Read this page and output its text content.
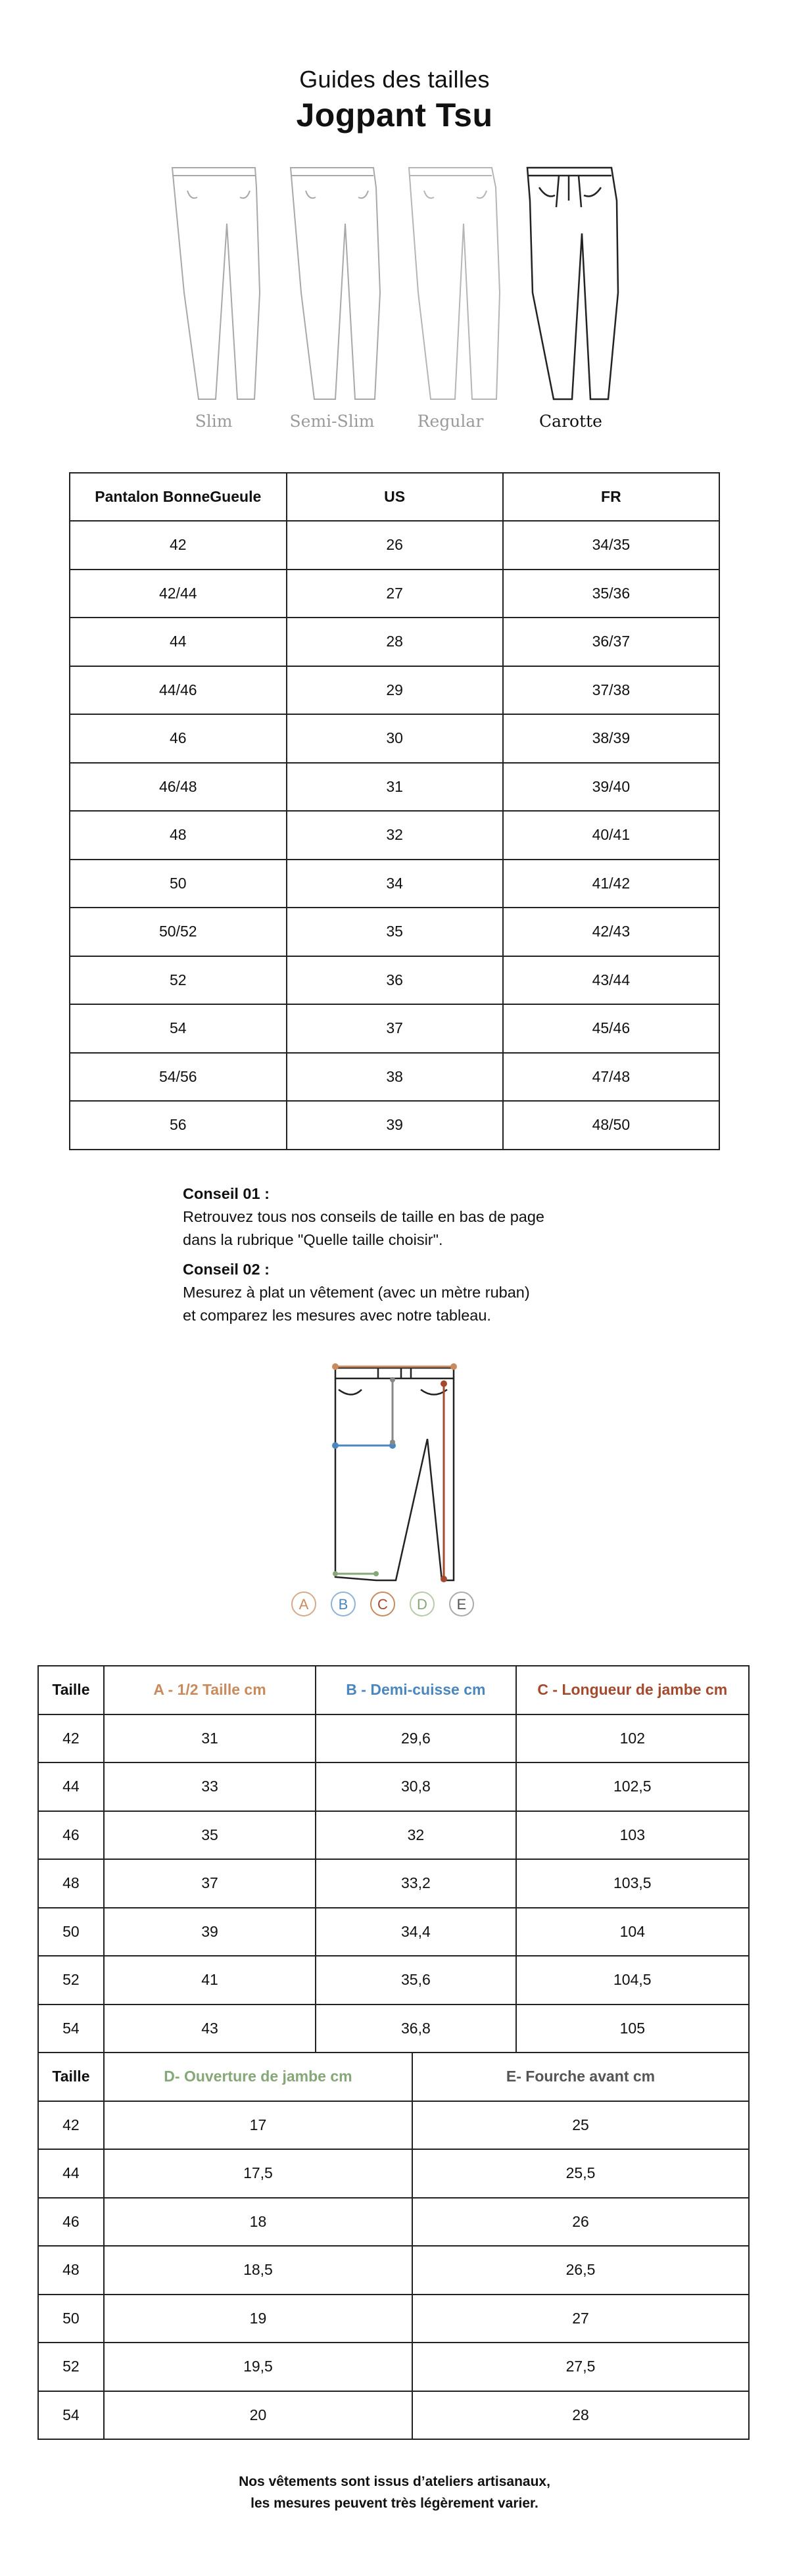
Guides des tailles
Jogpant Tsu
Slim	Semi-Slim	Regular	Carotte
Pantalon BonneGueule	US	FR
42	26	34/35
42/44	27	35/36
44	28	36/37
44/46	29	37/38
46	30	38/39
46/48	31	39/40
48	32	40/41
50	34	41/42
50/52	35	42/43
52	36	43/44
54	37	45/46
54/56	38	47/48
56	39	48/50
Conseil 01 :
Retrouvez tous nos conseils de taille en bas de page
dans la rubrique "Quelle taille choisir".
Conseil 02 :
Mesurez à plat un vêtement (avec un mètre ruban)
et comparez les mesures avec notre tableau.
A	B	C	D	E
Taille	A - 1/2 Taille cm	B - Demi-cuisse cm	C - Longueur de jambe cm
42	31	29,6	102
44	33	30,8	102,5
46	35	32	103
48	37	33,2	103,5
50	39	34,4	104
52	41	35,6	104,5
54	43	36,8	105
Taille	D- Ouverture de jambe cm	E- Fourche avant cm
42	17	25
44	17,5	25,5
46	18	26
48	18,5	26,5
50	19	27
52	19,5	27,5
54	20	28
Nos vêtements sont issus d’ateliers artisanaux,
les mesures peuvent très légèrement varier.
